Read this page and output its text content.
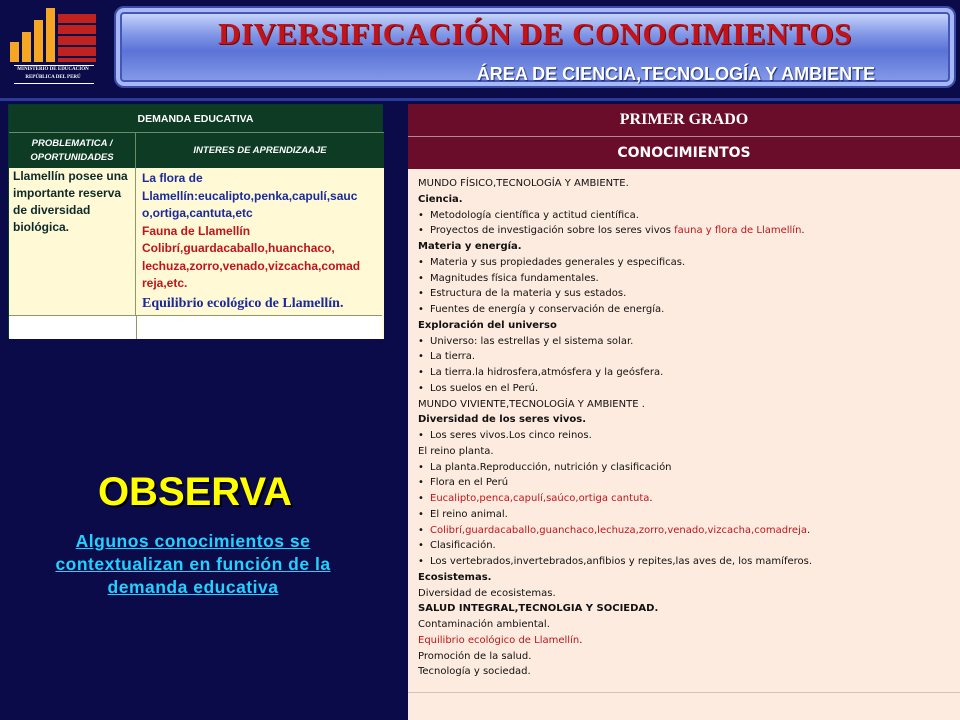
MINISTERIO DE EDUCACIÓN
REPÚBLICA DEL PERÚ
DIVERSIFICACIÓN DE CONOCIMIENTOS
ÁREA DE CIENCIA,TECNOLOGÍA Y AMBIENTE
DEMANDA EDUCATIVA
PROBLEMATICA / OPORTUNIDADES
INTERES DE APRENDIZAAJE
Llamellín posee una importante reserva de diversidad biológica.
La flora de Llamellín:eucalipto,penka,capulí,sauc o,ortiga,cantuta,etc
Fauna de Llamellín
Colibrí,guardacaballo,huanchaco, lechuza,zorro,venado,vizcacha,comad reja,etc.
Equilibrio ecológico de Llamellín.
OBSERVA
Algunos conocimientos se contextualizan en función de la demanda educativa
PRIMER GRADO
CONOCIMIENTOS
MUNDO FÍSICO,TECNOLOGÍA Y AMBIENTE.
Ciencia.
• Metodología científica y actitud científica.
• Proyectos de investigación sobre los seres vivos fauna y flora de Llamellín.
Materia y energía.
• Materia y sus propiedades generales y especificas.
• Magnitudes física fundamentales.
• Estructura de la materia y sus estados.
• Fuentes de energía y conservación de energía.
Exploración del universo
• Universo: las estrellas y el sistema solar.
• La tierra.
• La tierra.la hidrosfera,atmósfera y la geósfera.
• Los suelos en el Perú.
MUNDO VIVIENTE,TECNOLOGÍA Y AMBIENTE .
Diversidad de los seres vivos.
• Los seres vivos.Los cinco reinos.
El reino planta.
• La planta.Reproducción, nutrición y clasificación
• Flora en el Perú
• Eucalipto,penca,capulí,saúco,ortiga cantuta.
• El reino animal.
• Colibrí,guardacaballo,guanchaco,lechuza,zorro,venado,vizcacha,comadreja.
• Clasificación.
• Los vertebrados,invertebrados,anfibios y repites,las aves de, los mamíferos.
Ecosistemas.
Diversidad de ecosistemas.
SALUD INTEGRAL,TECNOLGIA Y SOCIEDAD.
Contaminación ambiental.
Equilibrio ecológico de Llamellín.
Promoción de la salud.
Tecnología y sociedad.
